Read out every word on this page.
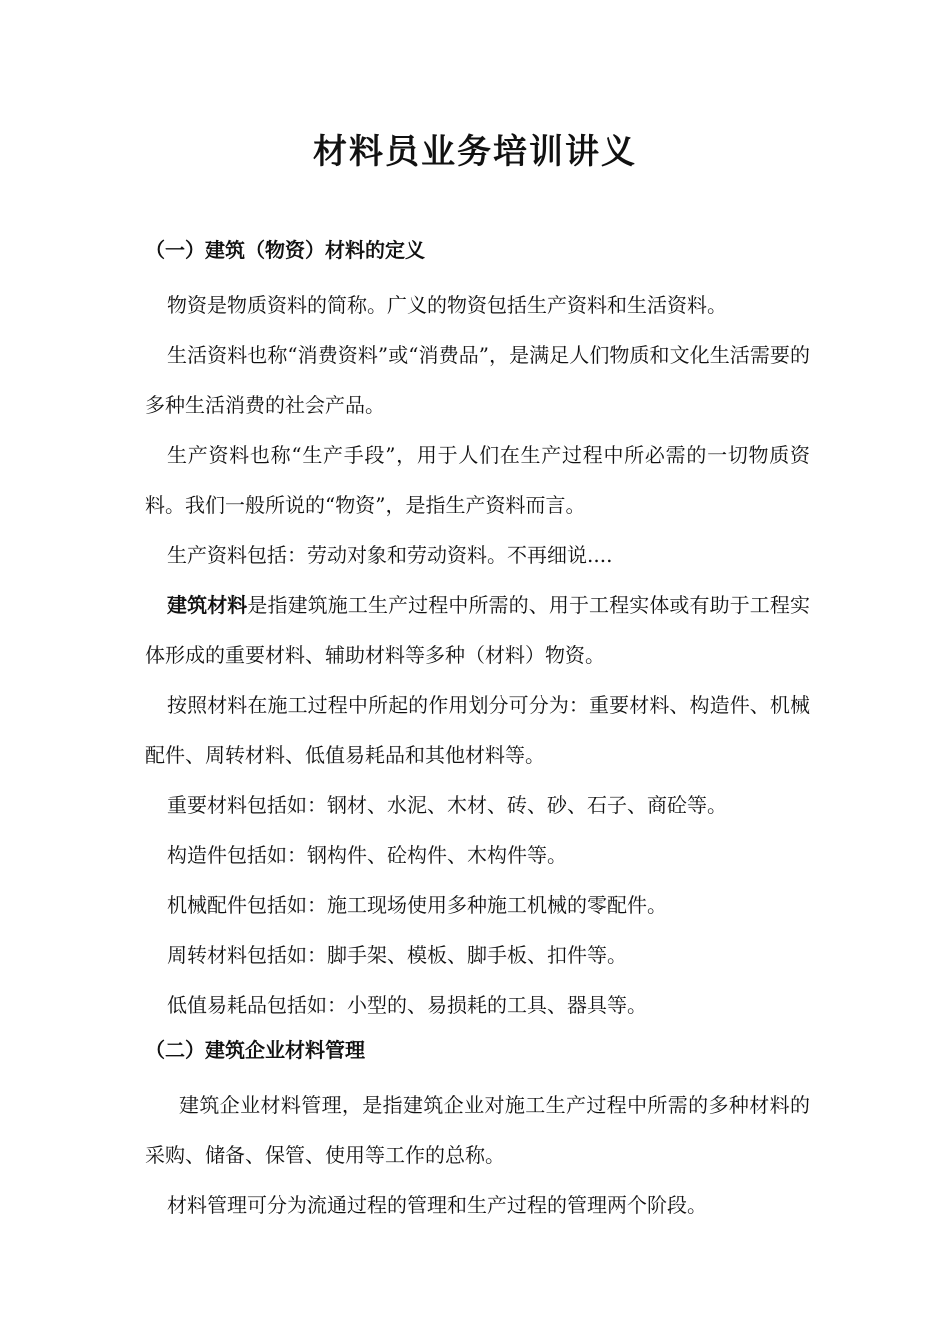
材料员业务培训讲义
（一）建筑（物资）材料的定义

物资是物质资料的简称。广义的物资包括生产资料和生活资料。

生活资料也称“消费资料”或“消费品”，是满足人们物质和文化生活需要的多种生活消费的社会产品。

生产资料也称“生产手段”，用于人们在生产过程中所必需的一切物质资料。我们一般所说的“物资”，是指生产资料而言。

生产资料包括：劳动对象和劳动资料。不再细说....

建筑材料是指建筑施工生产过程中所需的、用于工程实体或有助于工程实体形成的重要材料、辅助材料等多种（材料）物资。

按照材料在施工过程中所起的作用划分可分为：重要材料、构造件、机械配件、周转材料、低值易耗品和其他材料等。

重要材料包括如：钢材、水泥、木材、砖、砂、石子、商砼等。

构造件包括如：钢构件、砼构件、木构件等。

机械配件包括如：施工现场使用多种施工机械的零配件。

周转材料包括如：脚手架、模板、脚手板、扣件等。

低值易耗品包括如：小型的、易损耗的工具、器具等。

（二）建筑企业材料管理

建筑企业材料管理，是指建筑企业对施工生产过程中所需的多种材料的采购、储备、保管、使用等工作的总称。

材料管理可分为流通过程的管理和生产过程的管理两个阶段。
